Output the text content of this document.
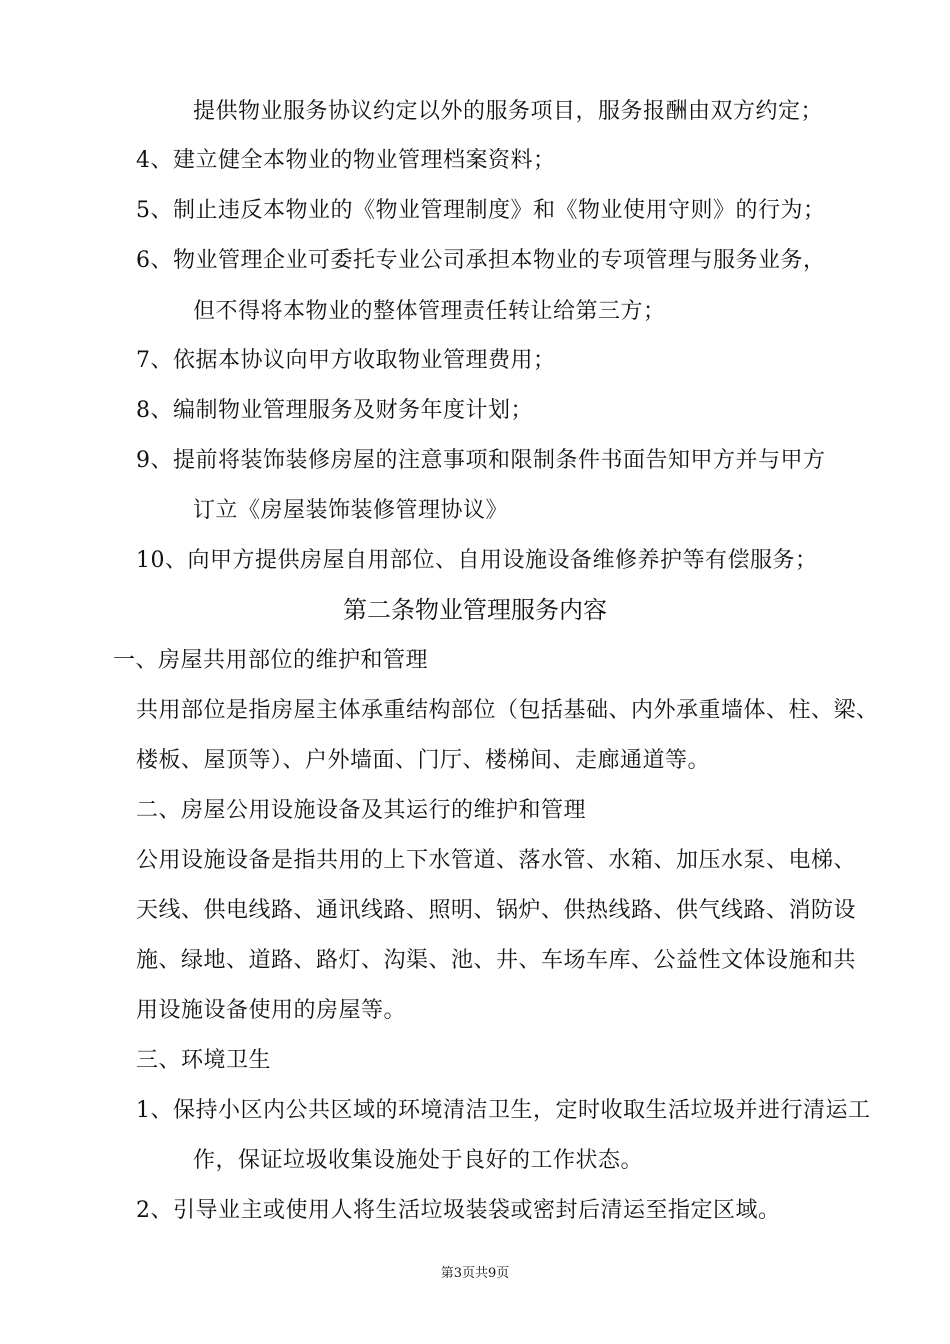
提供物业服务协议约定以外的服务项目，服务报酬由双方约定；
4、建立健全本物业的物业管理档案资料；
5、制止违反本物业的《物业管理制度》和《物业使用守则》的行为；
6、物业管理企业可委托专业公司承担本物业的专项管理与服务业务，
但不得将本物业的整体管理责任转让给第三方；
7、依据本协议向甲方收取物业管理费用；
8、编制物业管理服务及财务年度计划；
9、提前将装饰装修房屋的注意事项和限制条件书面告知甲方并与甲方
订立《房屋装饰装修管理协议》
10、向甲方提供房屋自用部位、自用设施设备维修养护等有偿服务；
第二条物业管理服务内容
一、房屋共用部位的维护和管理
共用部位是指房屋主体承重结构部位（包括基础、内外承重墙体、柱、梁、
楼板、屋顶等）、户外墙面、门厅、楼梯间、走廊通道等。
二、房屋公用设施设备及其运行的维护和管理
公用设施设备是指共用的上下水管道、落水管、水箱、加压水泵、电梯、
天线、供电线路、通讯线路、照明、锅炉、供热线路、供气线路、消防设
施、绿地、道路、路灯、沟渠、池、井、车场车库、公益性文体设施和共
用设施设备使用的房屋等。
三、环境卫生
1、保持小区内公共区域的环境清洁卫生，定时收取生活垃圾并进行清运工
作，保证垃圾收集设施处于良好的工作状态。
2、引导业主或使用人将生活垃圾装袋或密封后清运至指定区域。
第3页共9页
